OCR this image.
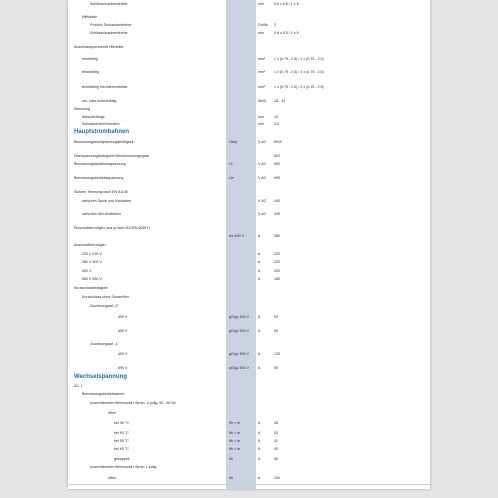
Schlitzschraubendreher	mm	0.8 x 5.5 / 1 x 6
Hilfsleiter
Pozidriv Schraubendreher	Größe 2
Schlitzschraubendreher	mm	0.8 x 5.5 / 1 x 6
Anschlussquerschnitt Hilfsleiter
eindrähtig	mm² 1 x (0.75 - 2.5) / 2 x (0.75 - 2.5)
feindrähtig	mm² 1 x (0.75 - 2.5) / 2 x (0.75 - 2.5)
feindrähtig mit Aderendhülse	mm² 1 x (0.75 - 2.5) / 2 x (0.75 - 2.5)
ein- oder mehrdrähtig	AWG 18 - 14
Werkzeug
Abisolierlänge	mm	10
Schraubendrehmoment	mm	3.5
Hauptstrombahnen
Bemessungsstoßspannungsfestigkeit	Uimp	V AC 6000
Überspannungskategorie/Verschmutzungsgrad	III/3
Bemessungsisolationsspannung	Ui	V AC 690
Bemessungsbetriebsspannung	Ue	V AC 690
Sichere Trennung nach EN 61140
zwischen Spule und Kontakten	V AC 440
zwischen den Kontakten	V AC 440
Einschaltvermögen (cos φ nach IEC/EN 60947)
bis 690 V	A	380
Ausschaltvermögen
230 V 230 V	A	320
380 V 400 V	A	320
500 V	A	320
660 V 690 V	A	180
Kurzschlussfestigkeit
Kurzschluss ohne Schweißen
Zuordnungsart „2"
400 V	gG/gL 500 V A	63
690 V	gG/gL 500 V A	50
Zuordnungsart „1"
400 V	gG/gL 500 V A	125
690 V	gG/gL 500 V A	50
Wechselspannung
AC-1
Bemessungsbetriebsstrom
konventioneller thermischer Strom, 3-polig, 50 - 60 Hz
offen
bei 40 °C	Ith = Ie	A	45
bei 50 °C	Ith = Ie	A	43
bei 55 °C	Ith = Ie	A	42
bei 60 °C	Ith = Ie	A	40
gekapselt	Ith	A	36
konventioneller thermischer Strom 1-polig
offen	Ith	A	100
